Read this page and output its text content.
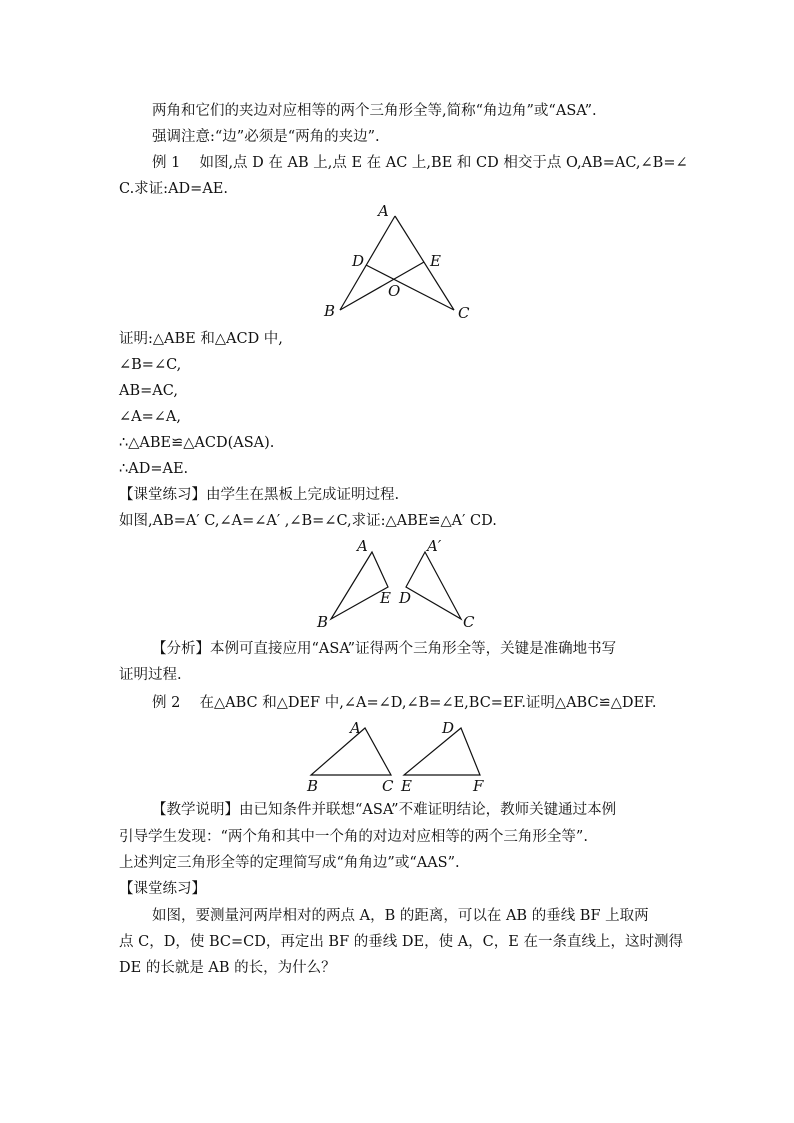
两角和它们的夹边对应相等的两个三角形全等,简称“角边角”或“ASA”.
强调注意:“边”必须是“两角的夹边”.
例 1　 如图,点 D 在 AB 上,点 E 在 AC 上,BE 和 CD 相交于点 O,AB=AC,∠B=∠
C.求证:AD=AE.
A
D	E
O
B	C
证明:△ABE 和△ACD 中,
∠B=∠C,
AB=AC,
∠A=∠A,
∴△ABE≌△ACD(ASA).
∴AD=AE.
【课堂练习】由学生在黑板上完成证明过程.
如图,AB=A′ C,∠A=∠A′ ,∠B=∠C,求证:△ABE≌△A′ CD.
A
B
E
A′
D
C
【分析】本例可直接应用“ASA”证得两个三角形全等，关键是准确地书写
证明过程.
例 2　 在△ABC 和△DEF 中,∠A=∠D,∠B=∠E,BC=EF.证明△ABC≌△DEF.
A
B	C
D
E	F
【教学说明】由已知条件并联想“ASA”不难证明结论，教师关键通过本例
引导学生发现：“两个角和其中一个角的对边对应相等的两个三角形全等”.
上述判定三角形全等的定理简写成“角角边”或“AAS”.
【课堂练习】
如图，要测量河两岸相对的两点 A，B 的距离，可以在 AB 的垂线 BF 上取两
点 C，D，使 BC=CD，再定出 BF 的垂线 DE，使 A，C，E 在一条直线上，这时测得
DE 的长就是 AB 的长，为什么？
